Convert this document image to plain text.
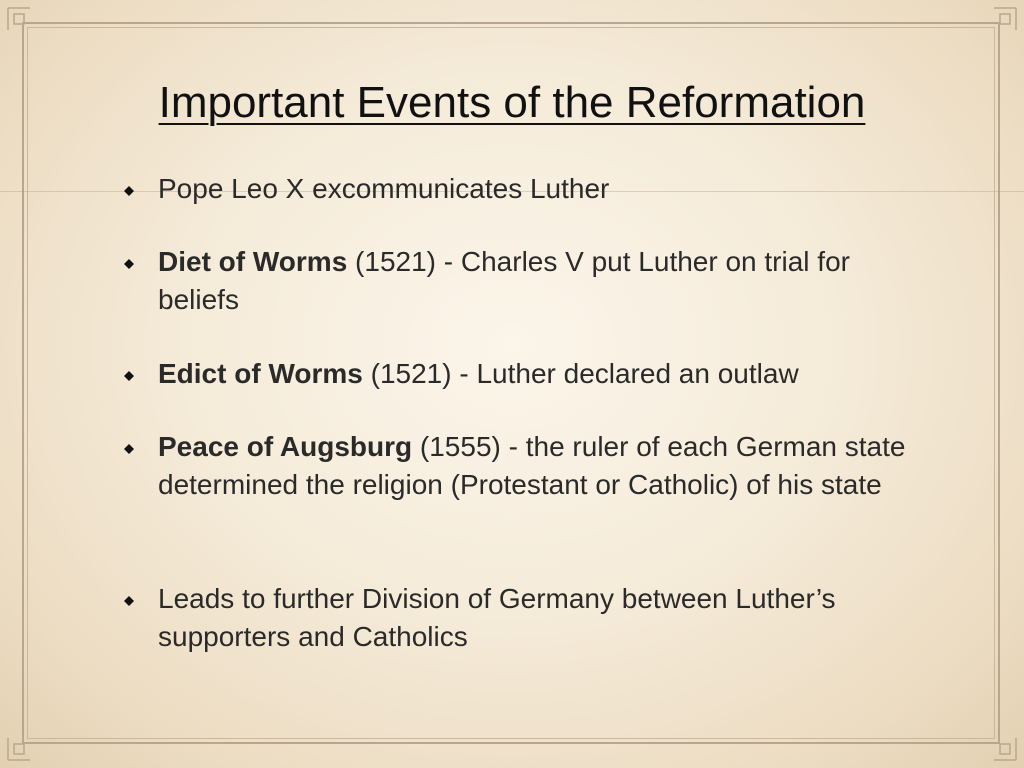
Important Events of the Reformation
Pope Leo X excommunicates Luther
Diet of Worms (1521) - Charles V put Luther on trial for beliefs
Edict of Worms (1521) - Luther declared an outlaw
Peace of Augsburg (1555) - the ruler of each German state determined the religion (Protestant or Catholic) of his state
Leads to further Division of Germany between Luther’s supporters and Catholics
